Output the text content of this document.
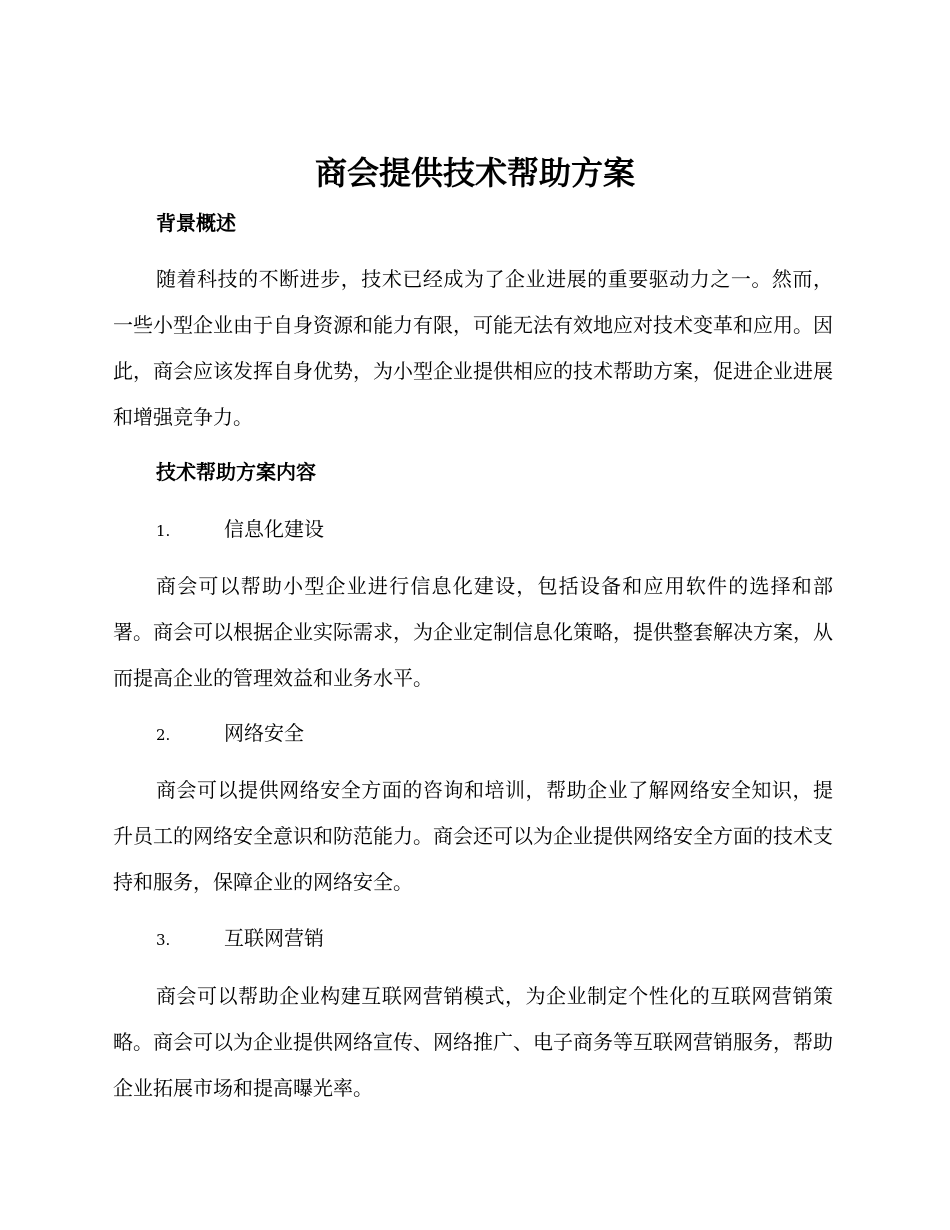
商会提供技术帮助方案
背景概述

随着科技的不断进步，技术已经成为了企业进展的重要驱动力之一。然而，一些小型企业由于自身资源和能力有限，可能无法有效地应对技术变革和应用。因此，商会应该发挥自身优势，为小型企业提供相应的技术帮助方案，促进企业进展和增强竞争力。

技术帮助方案内容
1.	信息化建设

商会可以帮助小型企业进行信息化建设，包括设备和应用软件的选择和部署。商会可以根据企业实际需求，为企业定制信息化策略，提供整套解决方案，从而提高企业的管理效益和业务水平。

2.	网络安全

商会可以提供网络安全方面的咨询和培训，帮助企业了解网络安全知识，提升员工的网络安全意识和防范能力。商会还可以为企业提供网络安全方面的技术支持和服务，保障企业的网络安全。

3.	互联网营销

商会可以帮助企业构建互联网营销模式，为企业制定个性化的互联网营销策略。商会可以为企业提供网络宣传、网络推广、电子商务等互联网营销服务，帮助企业拓展市场和提高曝光率。
